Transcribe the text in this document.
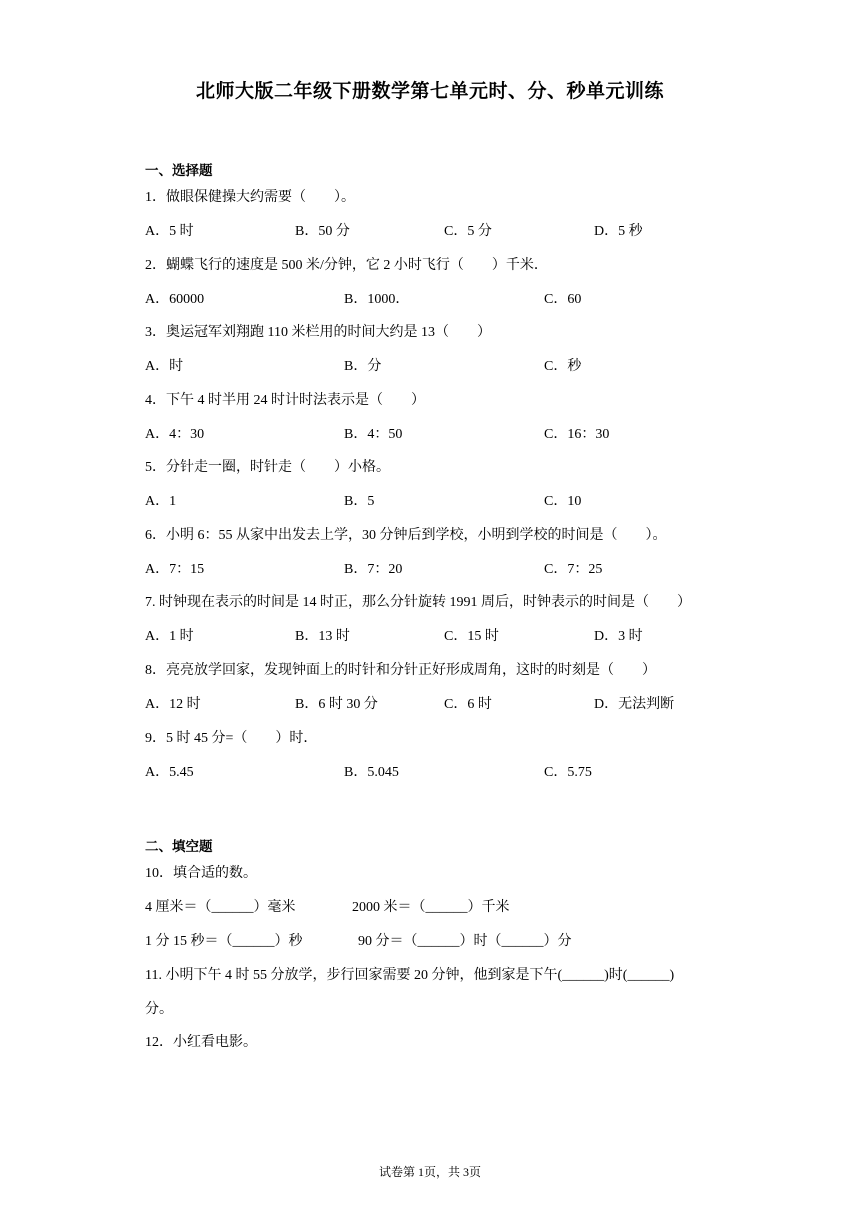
北师大版二年级下册数学第七单元时、分、秒单元训练
一、选择题
1．做眼保健操大约需要（　　）。
A．5 时	B．50 分	C．5 分	D．5 秒
2．蝴蝶飞行的速度是 500 米/分钟，它 2 小时飞行（　　）千米．
A．60000	B．1000．	C．60
3．奥运冠军刘翔跑 110 米栏用的时间大约是 13（　　）
A．时	B．分	C．秒
4．下午 4 时半用 24 时计时法表示是（　　）
A．4：30	B．4：50	C．16：30
5．分针走一圈，时针走（　　）小格。
A．1	B．5	C．10
6．小明 6：55 从家中出发去上学，30 分钟后到学校，小明到学校的时间是（　　）。
A．7：15	B．7：20	C．7：25
7. 时钟现在表示的时间是 14 时正，那么分针旋转 1991 周后，时钟表示的时间是（　　）
A．1 时	B．13 时	C．15 时	D．3 时
8．亮亮放学回家，发现钟面上的时针和分针正好形成周角，这时的时刻是（　　）
A．12 时	B．6 时 30 分	C．6 时	D．无法判断
9．5 时 45 分=（　　）时．
A．5.45	B．5.045	C．5.75
二、填空题
10．填合适的数。
4 厘米＝（______）毫米	2000 米＝（______）千米
1 分 15 秒＝（______）秒	90 分＝（______）时（______）分
11. 小明下午 4 时 55 分放学，步行回家需要 20 分钟，他到家是下午(______)时(______)
分。
12．小红看电影。
试卷第 1页，共 3页
